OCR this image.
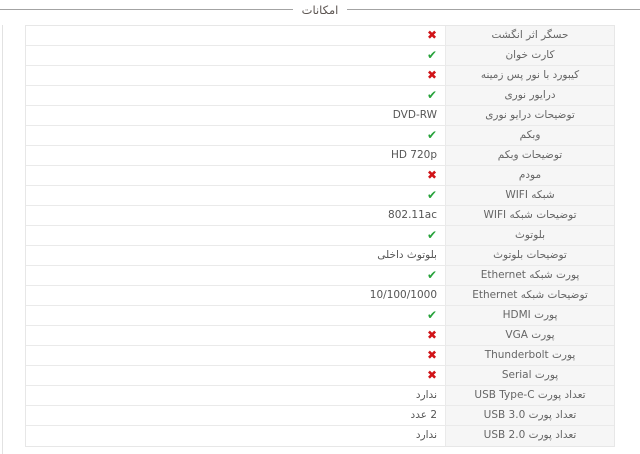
امکانات
حسگر اثر انگشت
✖
کارت خوان
✔
کیبورد با نور پس زمینه
✖
درایور نوری
✔
توضیحات درایو نوری
DVD-RW
وبکم
✔
توضیحات وبکم
HD 720p
مودم
✖
شبکه WIFI
✔
توضیحات شبکه WIFI
802.11ac
بلوتوث
✔
توضیحات بلوتوث
بلوتوث داخلی
پورت شبکه Ethernet
✔
توضیحات شبکه Ethernet
10/100/1000
پورت HDMI
✔
پورت VGA
✖
پورت Thunderbolt
✖
پورت Serial
✖
تعداد پورت USB Type-C
ندارد
تعداد پورت USB 3.0
2 عدد
تعداد پورت USB 2.0
ندارد
